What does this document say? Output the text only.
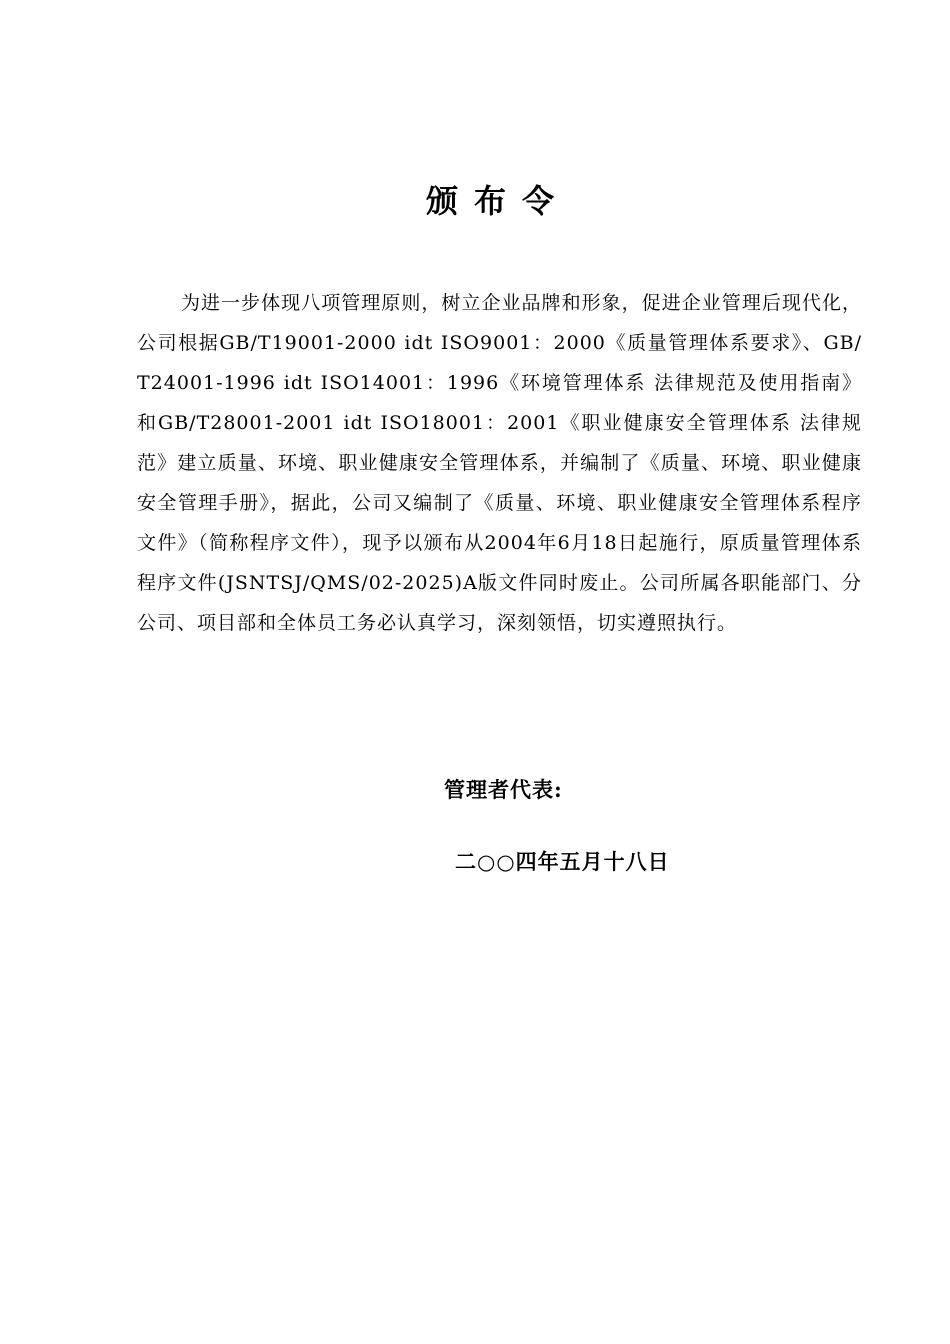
颁布令
为进一步体现八项管理原则，树立企业品牌和形象，促进企业管理后现代化，公司根据GB/T19001-2000 idt ISO9001：2000《质量管理体系要求》、GB/T24001-1996 idt ISO14001：1996《环境管理体系 法律规范及使用指南》和GB/T28001-2001 idt ISO18001：2001《职业健康安全管理体系 法律规范》建立质量、环境、职业健康安全管理体系，并编制了《质量、环境、职业健康安全管理手册》，据此，公司又编制了《质量、环境、职业健康安全管理体系程序文件》（简称程序文件），现予以颁布从2004年6月18日起施行，原质量管理体系程序文件(JSNTSJ/QMS/02-2025)A版文件同时废止。公司所属各职能部门、分公司、项目部和全体员工务必认真学习，深刻领悟，切实遵照执行。
管理者代表:
二○○四年五月十八日
